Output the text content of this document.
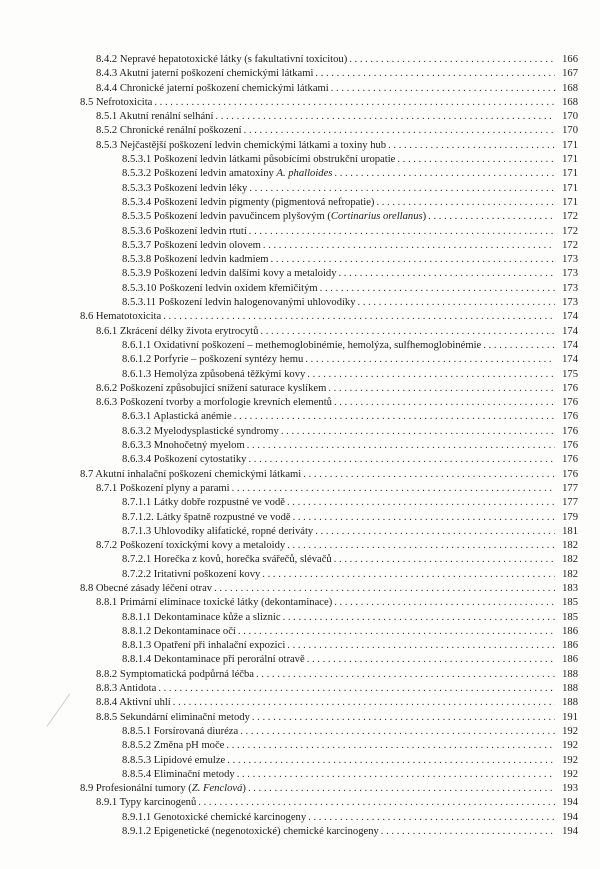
8.4.2 Nepravé hepatotoxické látky (s fakultativní toxicitou) . . .	166
8.4.3 Akutní jaterní poškození chemickými látkami . . .	167
8.4.4 Chronické jaterní poškození chemickými látkami . . .	168
8.5 Nefrotoxicita . . .	168
8.5.1 Akutní renální selhání . . .	170
8.5.2 Chronické renální poškození . . .	170
8.5.3 Nejčastější poškození ledvin chemickými látkami a toxiny hub . . .	171
8.5.3.1 Poškození ledvin látkami působícími obstrukční uropatie . . .	171
8.5.3.2 Poškození ledvin amatoxiny A. phalloides . . .	171
8.5.3.3 Poškození ledvin léky . . .	171
8.5.3.4 Poškození ledvin pigmenty (pigmentová nefropatie) . . .	171
8.5.3.5 Poškození ledvin pavučincem plyšovým (Cortinarius orellanus) . . .	172
8.5.3.6 Poškození ledvin rtutí . . .	172
8.5.3.7 Poškození ledvin olovem . . .	172
8.5.3.8 Poškození ledvin kadmiem . . .	173
8.5.3.9 Poškození ledvin dalšími kovy a metaloidy . . .	173
8.5.3.10 Poškození ledvin oxidem křemičitým . . .	173
8.5.3.11 Poškození ledvin halogenovanými uhlovodíky . . .	173
8.6 Hematotoxicita . . .	174
8.6.1 Zkrácení délky života erytrocytů . . .	174
8.6.1.1 Oxidativní poškození – methemoglobinémie, hemolýza, sulfhemoglobinémie . . .	174
8.6.1.2 Porfyrie – poškození syntézy hemu . . .	174
8.6.1.3 Hemolýza způsobená těžkými kovy . . .	175
8.6.2 Poškození způsobující snížení saturace kyslíkem . . .	176
8.6.3 Poškození tvorby a morfologie krevních elementů . . .	176
8.6.3.1 Aplastická anémie . . .	176
8.6.3.2 Myelodysplastické syndromy . . .	176
8.6.3.3 Mnohočetný myelom . . .	176
8.6.3.4 Poškození cytostatiky . . .	176
8.7 Akutní inhalační poškození chemickými látkami . . .	176
8.7.1 Poškození plyny a parami . . .	177
8.7.1.1 Látky dobře rozpustné ve vodě . . .	177
8.7.1.2. Látky špatně rozpustné ve vodě . . .	179
8.7.1.3 Uhlovodíky alifatické, ropné deriváty . . .	181
8.7.2 Poškození toxickými kovy a metaloidy . . .	182
8.7.2.1 Horečka z kovů, horečka svářečů, slévačů . . .	182
8.7.2.2 Iritativní poškození kovy . . .	182
8.8 Obecné zásady léčení otrav . . .	183
8.8.1 Primární eliminace toxické látky (dekontaminace) . . .	185
8.8.1.1 Dekontaminace kůže a sliznic . . .	185
8.8.1.2 Dekontaminace očí . . .	186
8.8.1.3 Opatření při inhalační expozici . . .	186
8.8.1.4 Dekontaminace při perorální otravě . . .	186
8.8.2 Symptomatická podpůrná léčba . . .	188
8.8.3 Antidota . . .	188
8.8.4 Aktivní uhlí . . .	188
8.8.5 Sekundární eliminační metody . . .	191
8.8.5.1 Forsírovaná diuréza . . .	192
8.8.5.2 Změna pH moče . . .	192
8.8.5.3 Lipidové emulze . . .	192
8.8.5.4 Eliminační metody . . .	192
8.9 Profesionální tumory (Z. Fenclová) . . .	193
8.9.1 Typy karcinogenů . . .	194
8.9.1.1 Genotoxické chemické karcinogeny . . .	194
8.9.1.2 Epigenetické (negenotoxické) chemické karcinogeny . . .	194
